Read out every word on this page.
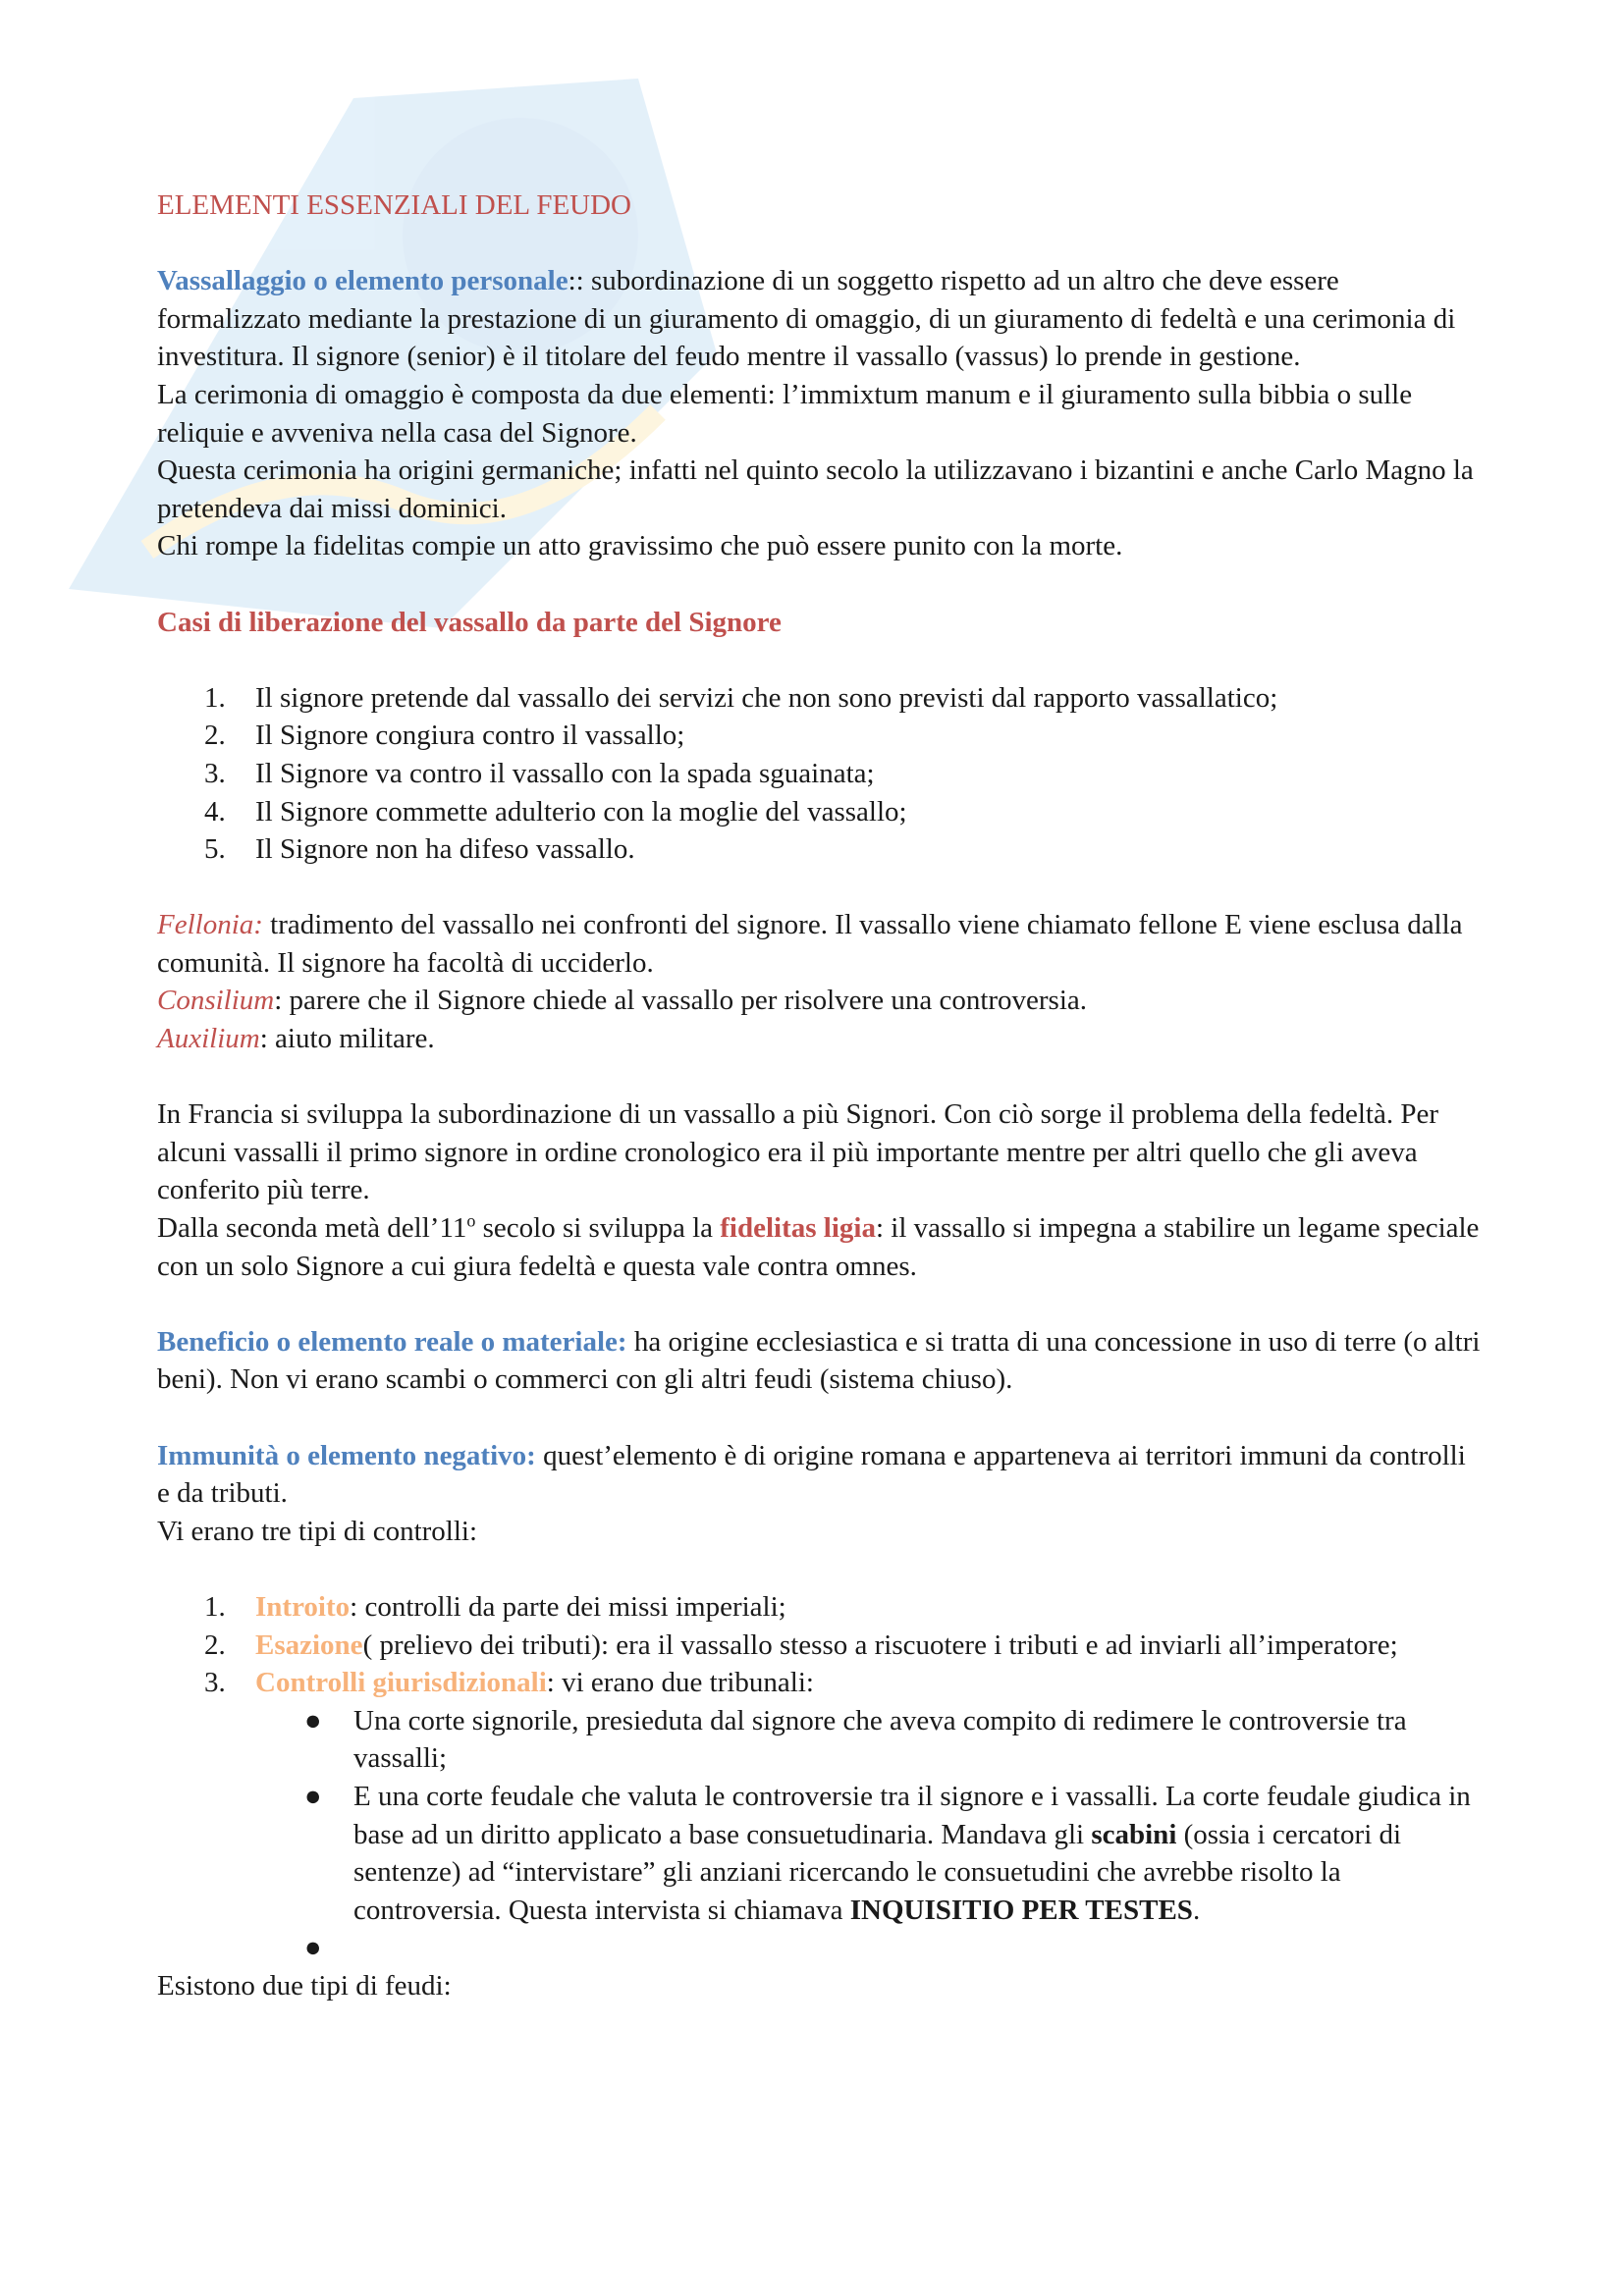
ELEMENTI ESSENZIALI DEL FEUDO

Vassallaggio o elemento personale:: subordinazione di un soggetto rispetto ad un altro che deve essere formalizzato mediante la prestazione di un giuramento di omaggio, di un giuramento di fedeltà e una cerimonia di investitura. Il signore (senior) è il titolare del feudo mentre il vassallo (vassus) lo prende in gestione.

La cerimonia di omaggio è composta da due elementi: l’immixtum manum e il giuramento sulla bibbia o sulle reliquie e avveniva nella casa del Signore.

Questa cerimonia ha origini germaniche; infatti nel quinto secolo la utilizzavano i bizantini e anche Carlo Magno la pretendeva dai missi dominici.

Chi rompe la fidelitas compie un atto gravissimo che può essere punito con la morte.

Casi di liberazione del vassallo da parte del Signore

1.	Il signore pretende dal vassallo dei servizi che non sono previsti dal rapporto vassallatico;
2.	Il Signore congiura contro il vassallo;
3.	Il Signore va contro il vassallo con la spada sguainata;
4.	Il Signore commette adulterio con la moglie del vassallo;
5.	Il Signore non ha difeso vassallo.

Fellonia: tradimento del vassallo nei confronti del signore. Il vassallo viene chiamato fellone E viene esclusa dalla comunità. Il signore ha facoltà di ucciderlo.

Consilium: parere che il Signore chiede al vassallo per risolvere una controversia.

Auxilium: aiuto militare.

In Francia si sviluppa la subordinazione di un vassallo a più Signori. Con ciò sorge il problema della fedeltà. Per alcuni vassalli il primo signore in ordine cronologico era il più importante mentre per altri quello che gli aveva conferito più terre.

Dalla seconda metà dell’11$^o$ secolo si sviluppa la fidelitas ligia: il vassallo si impegna a stabilire un legame speciale con un solo Signore a cui giura fedeltà e questa vale contra omnes.

Beneficio o elemento reale o materiale: ha origine ecclesiastica e si tratta di una concessione in uso di terre (o altri beni). Non vi erano scambi o commerci con gli altri feudi (sistema chiuso).

Immunità o elemento negativo: quest’elemento è di origine romana e apparteneva ai territori immuni da controlli e da tributi.

Vi erano tre tipi di controlli:

1.	Introito: controlli da parte dei missi imperiali;
2.	Esazione( prelievo dei tributi): era il vassallo stesso a riscuotere i tributi e ad inviarli all’imperatore;
3.	Controlli giurisdizionali: vi erano due tribunali:
● Una corte signorile, presieduta dal signore che aveva compito di redimere le controversie tra vassalli;
● E una corte feudale che valuta le controversie tra il signore e i vassalli. La corte feudale giudica in base ad un diritto applicato a base consuetudinaria. Mandava gli scabini (ossia i cercatori di sentenze) ad “intervistare” gli anziani ricercando le consuetudini che avrebbe risolto la controversia. Questa intervista si chiamava INQUISITIO PER TESTES.
●

Esistono due tipi di feudi:
